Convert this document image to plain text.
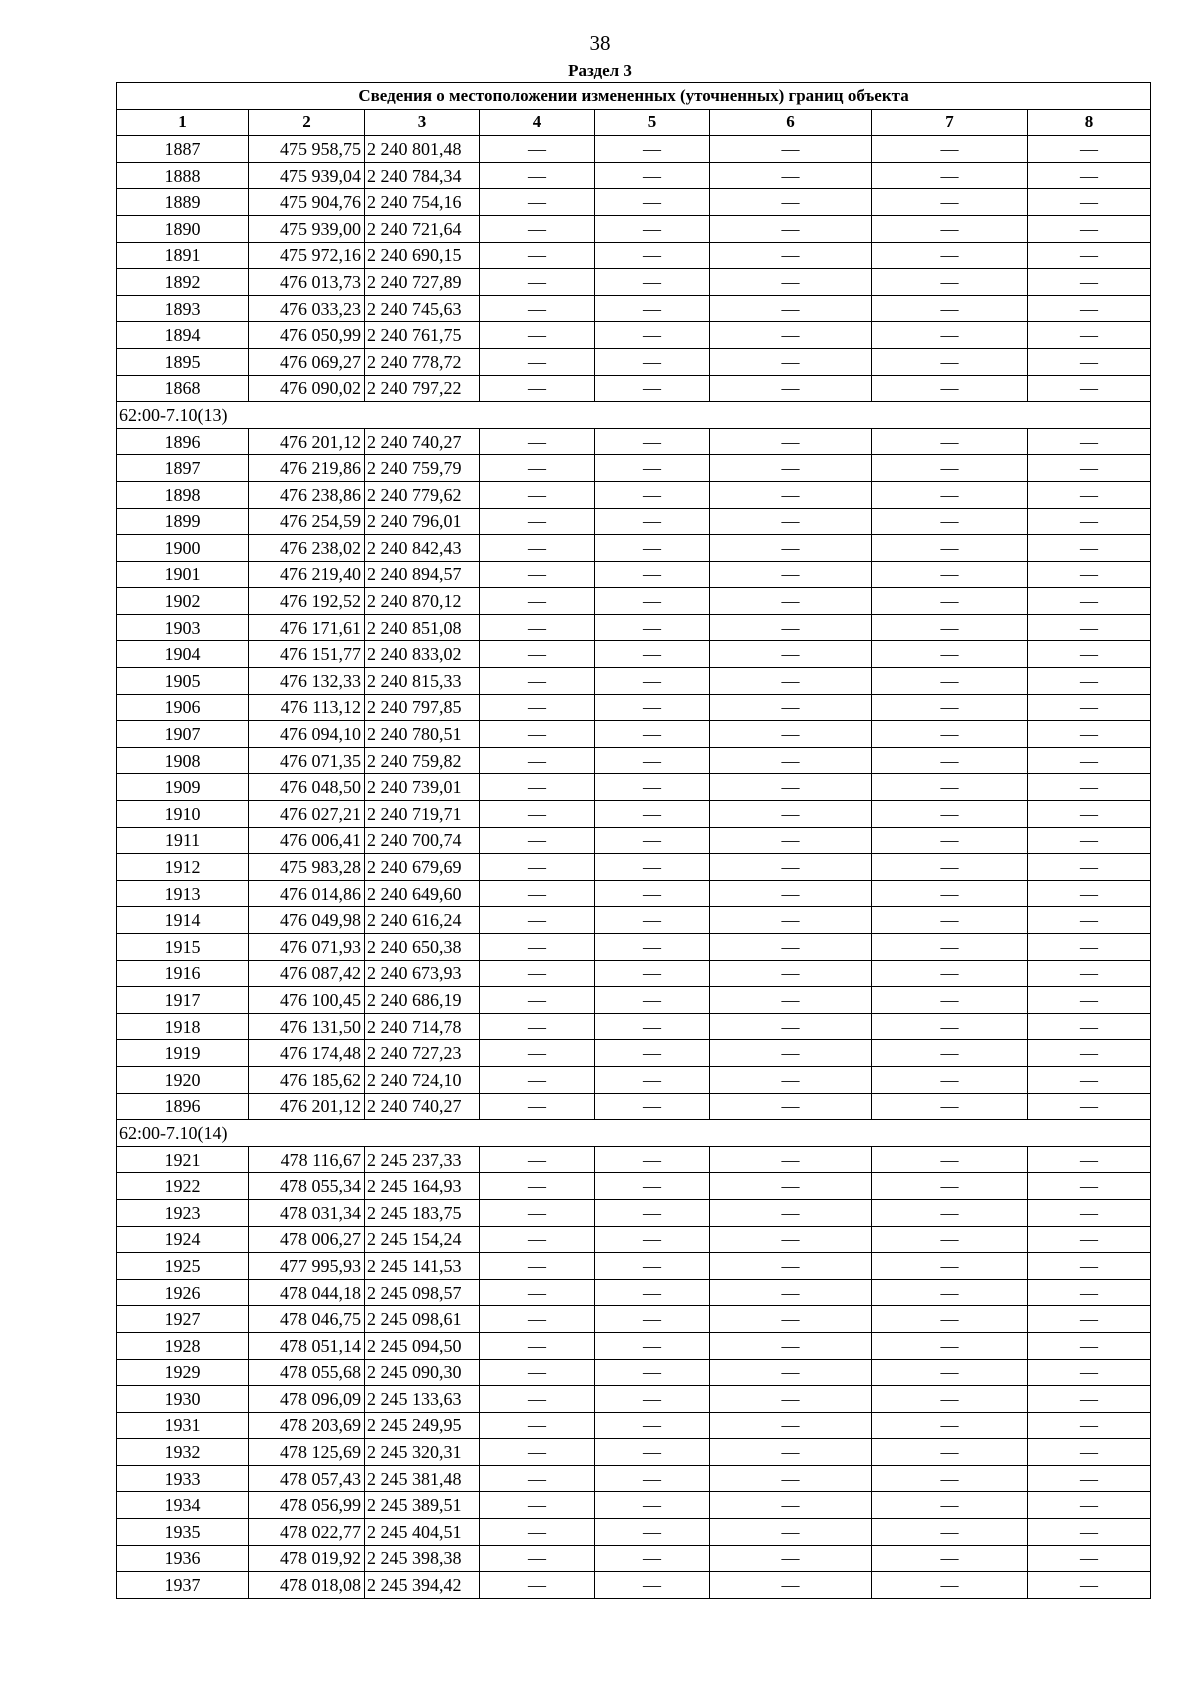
38
Раздел 3
Сведения о местоположении измененных (уточненных) границ объекта							
1	2	3	4	5	6	7	8
1887	475 958,75	2 240 801,48	—	—	—	—	—
1888	475 939,04	2 240 784,34	—	—	—	—	—
1889	475 904,76	2 240 754,16	—	—	—	—	—
1890	475 939,00	2 240 721,64	—	—	—	—	—
1891	475 972,16	2 240 690,15	—	—	—	—	—
1892	476 013,73	2 240 727,89	—	—	—	—	—
1893	476 033,23	2 240 745,63	—	—	—	—	—
1894	476 050,99	2 240 761,75	—	—	—	—	—
1895	476 069,27	2 240 778,72	—	—	—	—	—
1868	476 090,02	2 240 797,22	—	—	—	—	—
62:00-7.10(13)							
1896	476 201,12	2 240 740,27	—	—	—	—	—
1897	476 219,86	2 240 759,79	—	—	—	—	—
1898	476 238,86	2 240 779,62	—	—	—	—	—
1899	476 254,59	2 240 796,01	—	—	—	—	—
1900	476 238,02	2 240 842,43	—	—	—	—	—
1901	476 219,40	2 240 894,57	—	—	—	—	—
1902	476 192,52	2 240 870,12	—	—	—	—	—
1903	476 171,61	2 240 851,08	—	—	—	—	—
1904	476 151,77	2 240 833,02	—	—	—	—	—
1905	476 132,33	2 240 815,33	—	—	—	—	—
1906	476 113,12	2 240 797,85	—	—	—	—	—
1907	476 094,10	2 240 780,51	—	—	—	—	—
1908	476 071,35	2 240 759,82	—	—	—	—	—
1909	476 048,50	2 240 739,01	—	—	—	—	—
1910	476 027,21	2 240 719,71	—	—	—	—	—
1911	476 006,41	2 240 700,74	—	—	—	—	—
1912	475 983,28	2 240 679,69	—	—	—	—	—
1913	476 014,86	2 240 649,60	—	—	—	—	—
1914	476 049,98	2 240 616,24	—	—	—	—	—
1915	476 071,93	2 240 650,38	—	—	—	—	—
1916	476 087,42	2 240 673,93	—	—	—	—	—
1917	476 100,45	2 240 686,19	—	—	—	—	—
1918	476 131,50	2 240 714,78	—	—	—	—	—
1919	476 174,48	2 240 727,23	—	—	—	—	—
1920	476 185,62	2 240 724,10	—	—	—	—	—
1896	476 201,12	2 240 740,27	—	—	—	—	—
62:00-7.10(14)							
1921	478 116,67	2 245 237,33	—	—	—	—	—
1922	478 055,34	2 245 164,93	—	—	—	—	—
1923	478 031,34	2 245 183,75	—	—	—	—	—
1924	478 006,27	2 245 154,24	—	—	—	—	—
1925	477 995,93	2 245 141,53	—	—	—	—	—
1926	478 044,18	2 245 098,57	—	—	—	—	—
1927	478 046,75	2 245 098,61	—	—	—	—	—
1928	478 051,14	2 245 094,50	—	—	—	—	—
1929	478 055,68	2 245 090,30	—	—	—	—	—
1930	478 096,09	2 245 133,63	—	—	—	—	—
1931	478 203,69	2 245 249,95	—	—	—	—	—
1932	478 125,69	2 245 320,31	—	—	—	—	—
1933	478 057,43	2 245 381,48	—	—	—	—	—
1934	478 056,99	2 245 389,51	—	—	—	—	—
1935	478 022,77	2 245 404,51	—	—	—	—	—
1936	478 019,92	2 245 398,38	—	—	—	—	—
1937	478 018,08	2 245 394,42	—	—	—	—	—
